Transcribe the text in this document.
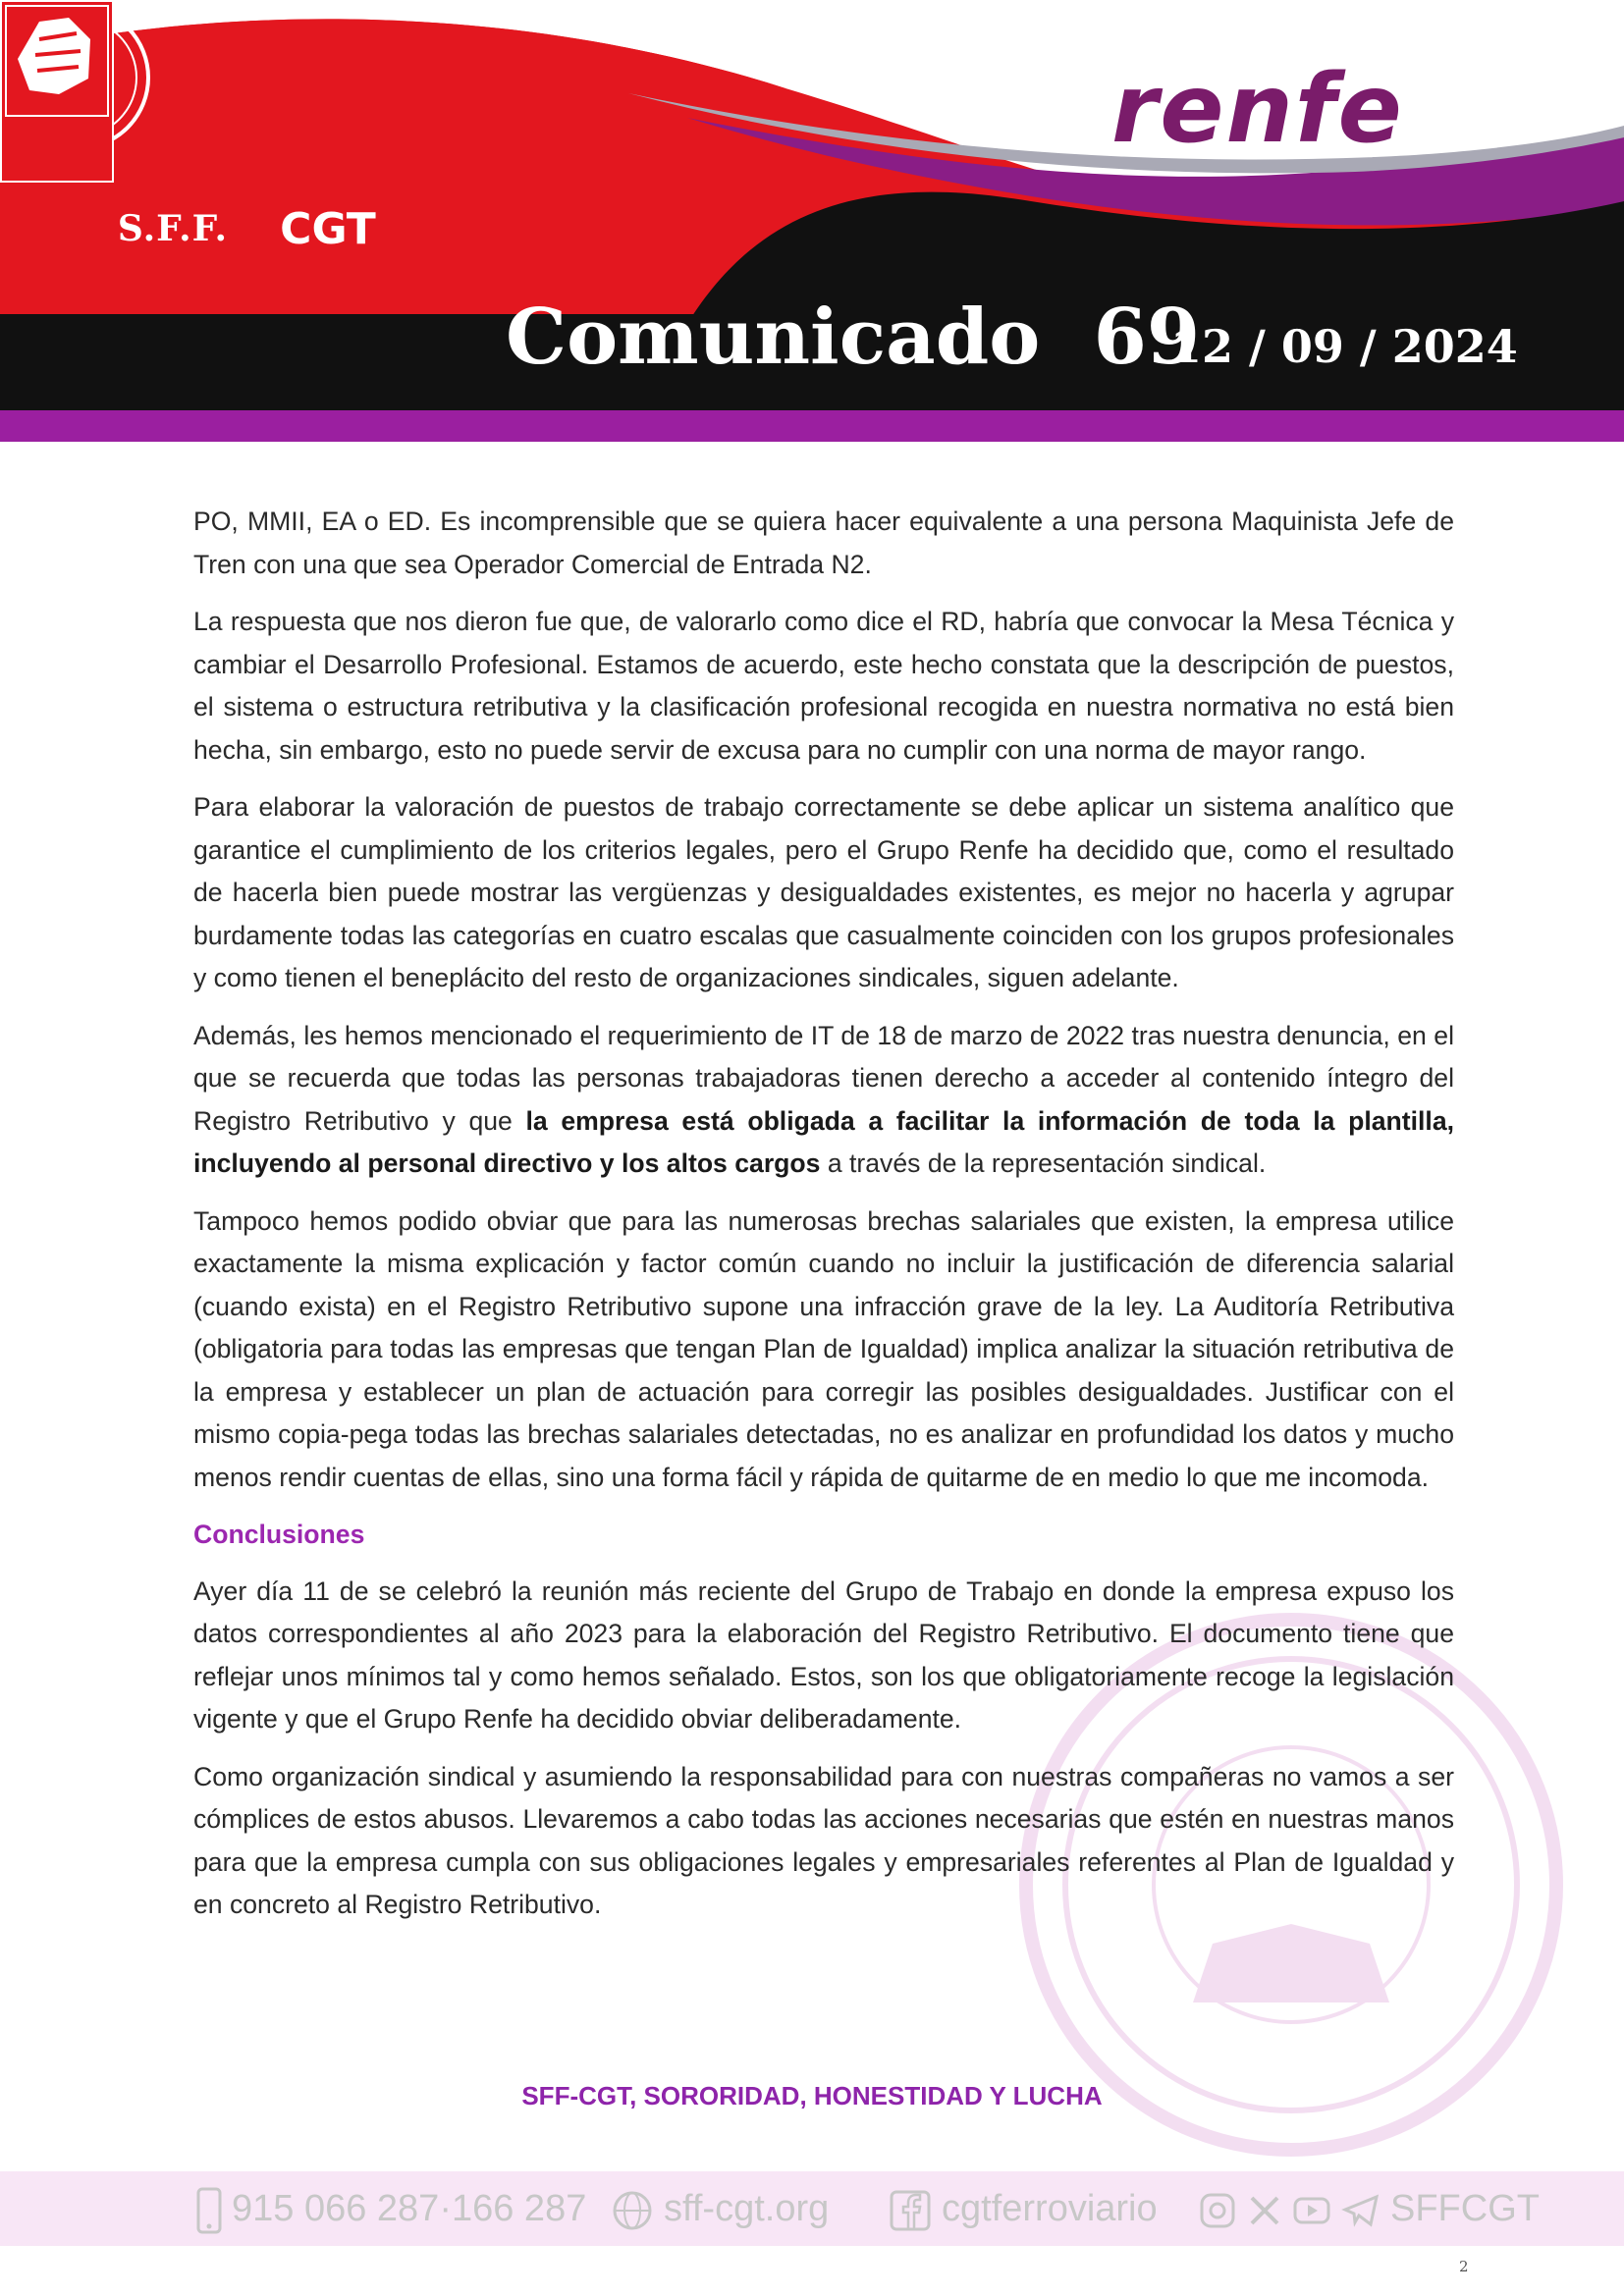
S.F.F.	CGT
renfe
Comunicado 69
12 / 09 / 2024

PO, MMII, EA o ED. Es incomprensible que se quiera hacer equivalente a una persona Maquinista Jefe de Tren con una que sea Operador Comercial de Entrada N2.

La respuesta que nos dieron fue que, de valorarlo como dice el RD, habría que convocar la Mesa Técnica y cambiar el Desarrollo Profesional. Estamos de acuerdo, este hecho constata que la descripción de puestos, el sistema o estructura retributiva y la clasificación profesional recogida en nuestra normativa no está bien hecha, sin embargo, esto no puede servir de excusa para no cumplir con una norma de mayor rango.

Para elaborar la valoración de puestos de trabajo correctamente se debe aplicar un sistema analítico que garantice el cumplimiento de los criterios legales, pero el Grupo Renfe ha decidido que, como el resultado de hacerla bien puede mostrar las vergüenzas y desigualdades existentes, es mejor no hacerla y agrupar burdamente todas las categorías en cuatro escalas que casualmente coinciden con los grupos profesionales y como tienen el beneplácito del resto de organizaciones sindicales, siguen adelante.

Además, les hemos mencionado el requerimiento de IT de 18 de marzo de 2022 tras nuestra denuncia, en el que se recuerda que todas las personas trabajadoras tienen derecho a acceder al contenido íntegro del Registro Retributivo y que la empresa está obligada a facilitar la información de toda la plantilla, incluyendo al personal directivo y los altos cargos a través de la representación sindical.

Tampoco hemos podido obviar que para las numerosas brechas salariales que existen, la empresa utilice exactamente la misma explicación y factor común cuando no incluir la justificación de diferencia salarial (cuando exista) en el Registro Retributivo supone una infracción grave de la ley. La Auditoría Retributiva (obligatoria para todas las empresas que tengan Plan de Igualdad) implica analizar la situación retributiva de la empresa y establecer un plan de actuación para corregir las posibles desigualdades. Justificar con el mismo copia-pega todas las brechas salariales detectadas, no es analizar en profundidad los datos y mucho menos rendir cuentas de ellas, sino una forma fácil y rápida de quitarme de en medio lo que me incomoda.

Conclusiones

Ayer día 11 de se celebró la reunión más reciente del Grupo de Trabajo en donde la empresa expuso los datos correspondientes al año 2023 para la elaboración del Registro Retributivo. El documento tiene que reflejar unos mínimos tal y como hemos señalado. Estos, son los que obligatoriamente recoge la legislación vigente y que el Grupo Renfe ha decidido obviar deliberadamente.

Como organización sindical y asumiendo la responsabilidad para con nuestras compañeras no vamos a ser cómplices de estos abusos. Llevaremos a cabo todas las acciones necesarias que estén en nuestras manos para que la empresa cumpla con sus obligaciones legales y empresariales referentes al Plan de Igualdad y en concreto al Registro Retributivo.

SFF-CGT, SORORIDAD, HONESTIDAD Y LUCHA
915 066 287·166 287	sff-cgt.org	cgtferroviario	SFFCGT
2
